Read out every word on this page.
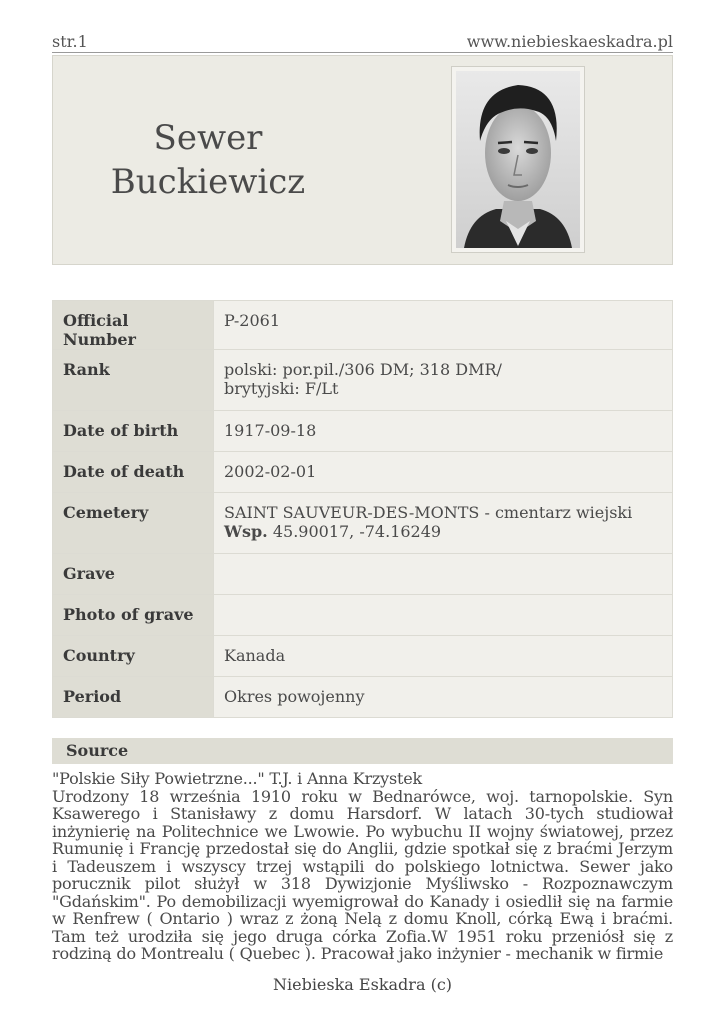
str.1	www.niebieskaeskadra.pl
Sewer
Buckiewicz
Official Number	P-2061
Rank	polski: por.pil./306 DM; 318 DMR/
brytyjski: F/Lt

Date of birth	1917-09-18
Date of death	2002-02-01
Cemetery	SAINT SAUVEUR-DES-MONTS - cmentarz wiejski
Wsp. 45.90017, -74.16249

Grave	
Photo of grave	
Country	Kanada
Period	Okres powojenny
Source
"Polskie Siły Powietrzne..." T.J. i Anna Krzystek
Urodzony 18 września 1910 roku w Bednarówce, woj. tarnopolskie. Syn Ksawerego i Stanisławy z domu Harsdorf. W latach 30-tych studiował inżynierię na Politechnice we Lwowie. Po wybuchu II wojny światowej, przez Rumunię i Francję przedostał się do Anglii, gdzie spotkał się z braćmi Jerzym i Tadeuszem i wszyscy trzej wstąpili do polskiego lotnictwa. Sewer jako porucznik pilot służył w 318 Dywizjonie Myśliwsko - Rozpoznawczym "Gdańskim". Po demobilizacji wyemigrował do Kanady i osiedlił się na farmie w Renfrew ( Ontario ) wraz z żoną Nelą z domu Knoll, córką Ewą i braćmi. Tam też urodziła się jego druga córka Zofia.W 1951 roku przeniósł się z rodziną do Montrealu ( Quebec ). Pracował jako inżynier - mechanik w firmie
Niebieska Eskadra (c)
